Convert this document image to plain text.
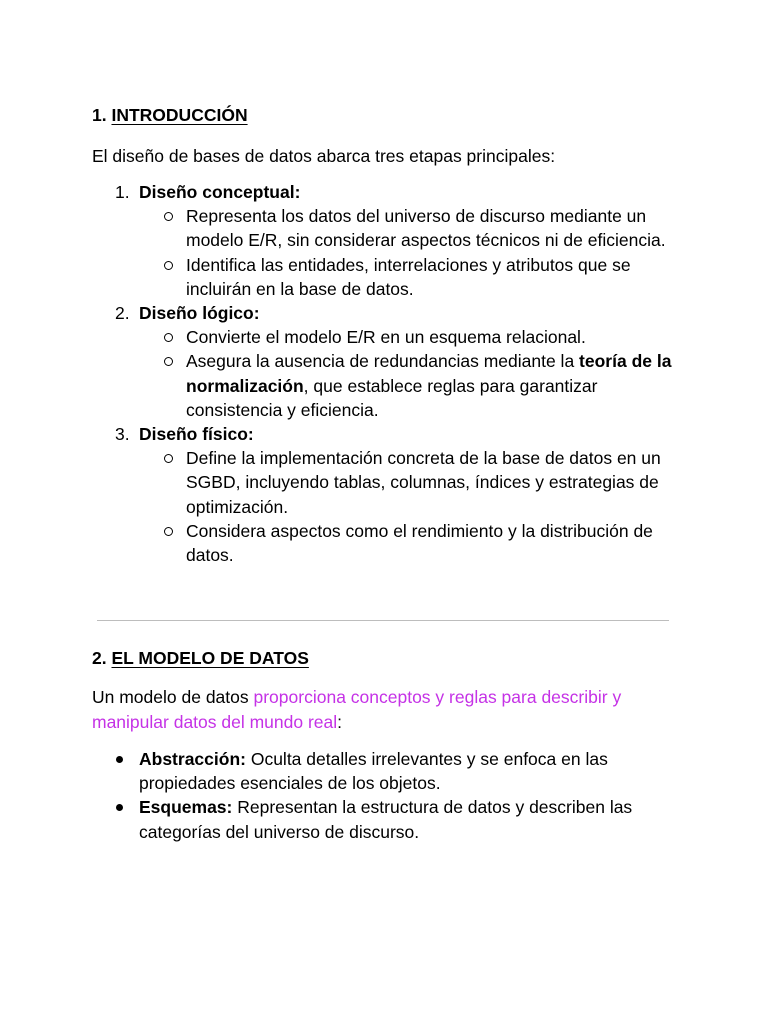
1. INTRODUCCIÓN

El diseño de bases de datos abarca tres etapas principales:

1. Diseño conceptual:
Representa los datos del universo de discurso mediante un modelo E/R, sin considerar aspectos técnicos ni de eficiencia.
Identifica las entidades, interrelaciones y atributos que se incluirán en la base de datos.
2. Diseño lógico:
Convierte el modelo E/R en un esquema relacional.
Asegura la ausencia de redundancias mediante la teoría de la normalización, que establece reglas para garantizar consistencia y eficiencia.
3. Diseño físico:
Define la implementación concreta de la base de datos en un SGBD, incluyendo tablas, columnas, índices y estrategias de optimización.
Considera aspectos como el rendimiento y la distribución de datos.
2. EL MODELO DE DATOS

Un modelo de datos proporciona conceptos y reglas para describir y manipular datos del mundo real:

Abstracción: Oculta detalles irrelevantes y se enfoca en las propiedades esenciales de los objetos.
Esquemas: Representan la estructura de datos y describen las categorías del universo de discurso.
